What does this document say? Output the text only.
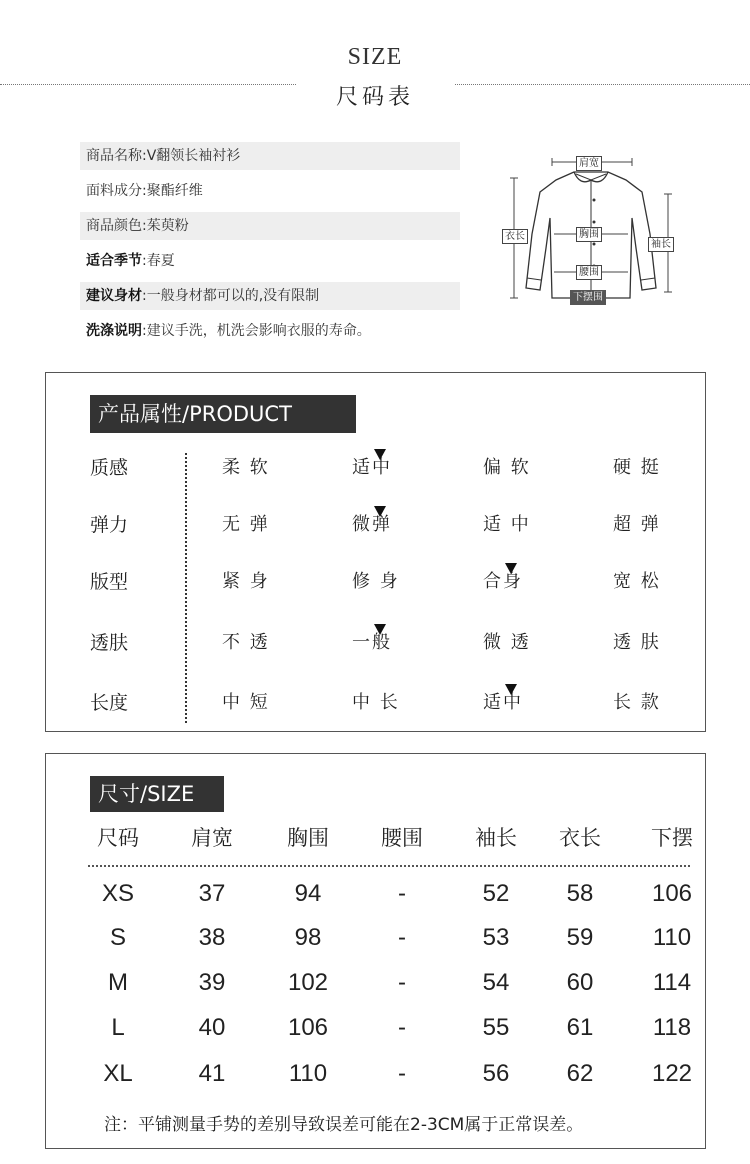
SIZE
尺码表
商品名称:V翻领长袖衬衫
面料成分:聚酯纤维
商品颜色:茱萸粉
适合季节:春夏
建议身材:一般身材都可以的,没有限制
洗涤说明:建议手洗，机洗会影响衣服的寿命。
肩宽
衣长	胸围
袖长
腰围
下摆围
产品属性/PRODUCT
质感	柔 软	适中	偏 软	硬 挺
弹力	无 弹	微弹	适 中	超 弹
版型	紧 身	修 身	合身	宽 松
透肤	不 透	一般	微 透	透 肤
长度	中 短	中 长	适中	长 款
尺寸/SIZE
注：平铺测量手势的差别导致误差可能在2-3CM属于正常误差。
尺码	肩宽	胸围	腰围	袖长	衣长	下摆
XS	37	94	-	52	58	106
S	38	98	-	53	59	110
M	39	102	-	54	60	114
L	40	106	-	55	61	118
XL	41	110	-	56	62	122
